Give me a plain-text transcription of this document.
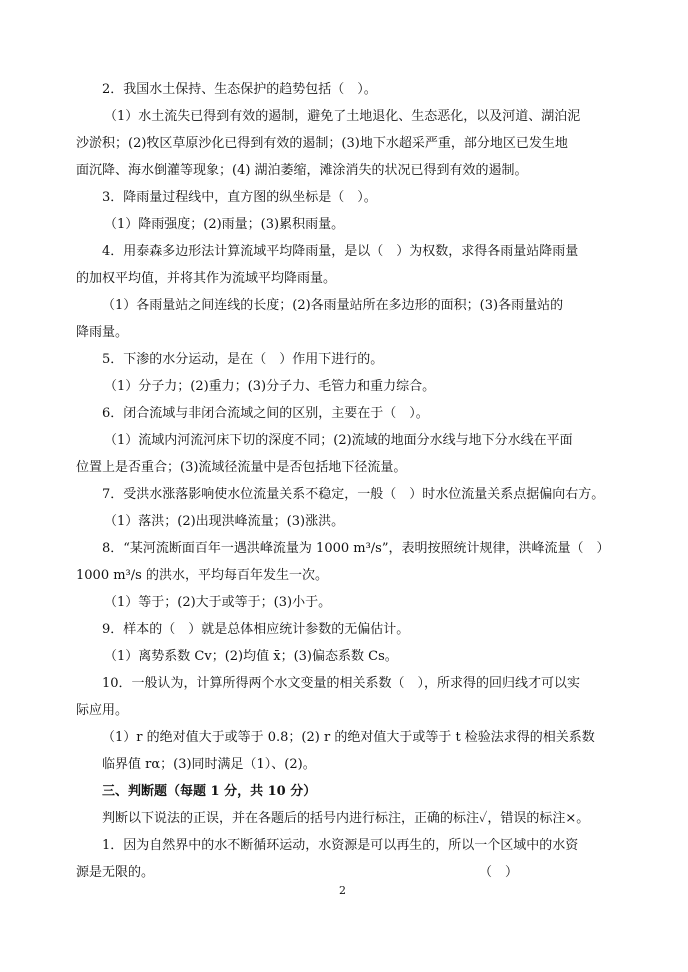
2．我国水土保持、生态保护的趋势包括（　）。
（1）水土流失已得到有效的遏制，避免了土地退化、生态恶化，以及河道、湖泊泥
沙淤积；(2)牧区草原沙化已得到有效的遏制；(3)地下水超采严重，部分地区已发生地
面沉降、海水倒灌等现象；(4) 湖泊萎缩，滩涂消失的状况已得到有效的遏制。
3．降雨量过程线中，直方图的纵坐标是（　）。
（1）降雨强度；(2)雨量；(3)累积雨量。
4．用泰森多边形法计算流域平均降雨量，是以（　）为权数，求得各雨量站降雨量
的加权平均值，并将其作为流域平均降雨量。
（1）各雨量站之间连线的长度；(2)各雨量站所在多边形的面积；(3)各雨量站的
降雨量。
5．下渗的水分运动，是在（　）作用下进行的。
（1）分子力；(2)重力；(3)分子力、毛管力和重力综合。
6．闭合流域与非闭合流域之间的区别，主要在于（　）。
（1）流域内河流河床下切的深度不同；(2)流域的地面分水线与地下分水线在平面
位置上是否重合；(3)流域径流量中是否包括地下径流量。
7．受洪水涨落影响使水位流量关系不稳定，一般（　）时水位流量关系点据偏向右方。
（1）落洪；(2)出现洪峰流量；(3)涨洪。
8．“某河流断面百年一遇洪峰流量为 1000 m³/s”，表明按照统计规律，洪峰流量（　）
1000 m³/s 的洪水，平均每百年发生一次。
（1）等于；(2)大于或等于；(3)小于。
9．样本的（　）就是总体相应统计参数的无偏估计。
（1）离势系数 Cv；(2)均值 x̄；(3)偏态系数 Cs。
10．一般认为，计算所得两个水文变量的相关系数（　），所求得的回归线才可以实
际应用。
（1）r 的绝对值大于或等于 0.8；(2) r 的绝对值大于或等于 t 检验法求得的相关系数
临界值 rα；(3)同时满足（1）、(2)。
三、判断题（每题 1 分，共 10 分）
判断以下说法的正误，并在各题后的括号内进行标注，正确的标注✓，错误的标注×。
1．因为自然界中的水不断循环运动，水资源是可以再生的，所以一个区域中的水资
源是无限的。　　　　　　　　　　　　　　　　　　　　　　　　　　（　）
2
